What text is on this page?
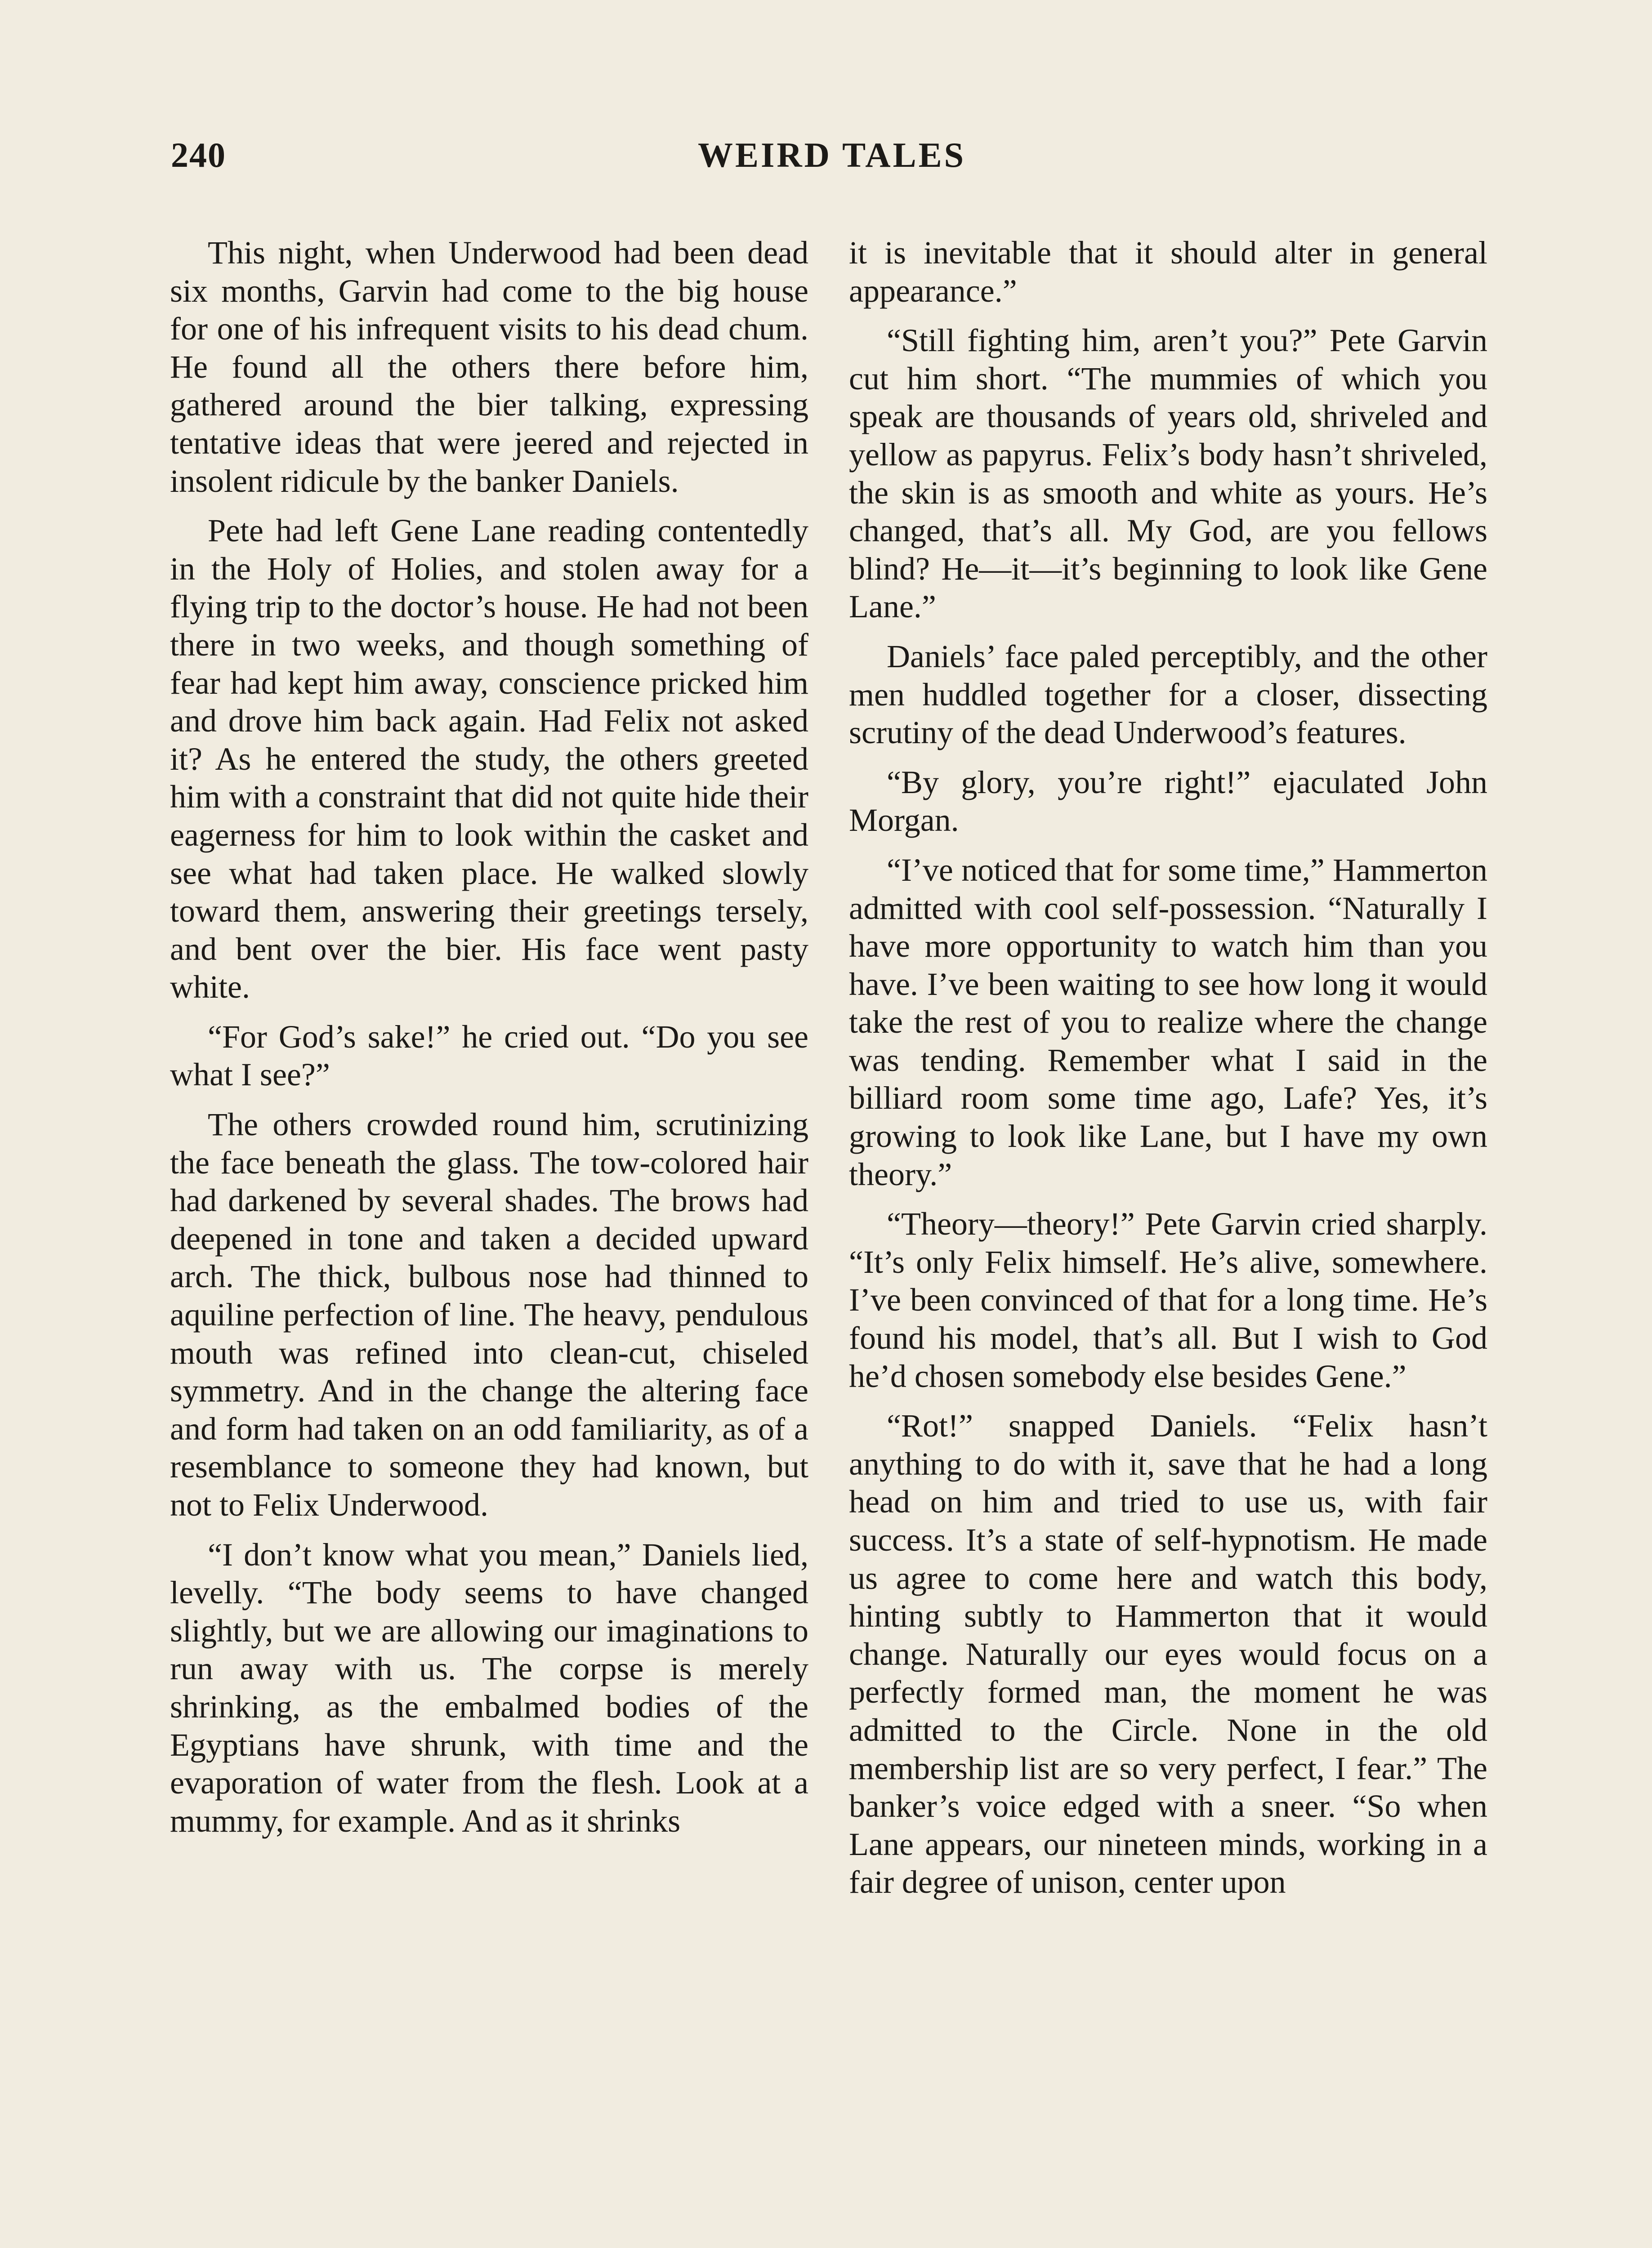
240	WEIRD TALES

This night, when Underwood had been dead six months, Garvin had come to the big house for one of his infrequent visits to his dead chum. He found all the others there before him, gathered around the bier talking, expressing tentative ideas that were jeered and rejected in insolent ridicule by the banker Daniels.

Pete had left Gene Lane reading contentedly in the Holy of Holies, and stolen away for a flying trip to the doctor’s house. He had not been there in two weeks, and though something of fear had kept him away, conscience pricked him and drove him back again. Had Felix not asked it? As he entered the study, the others greeted him with a constraint that did not quite hide their eagerness for him to look within the casket and see what had taken place. He walked slowly toward them, answering their greetings tersely, and bent over the bier. His face went pasty white.

“For God’s sake!” he cried out. “Do you see what I see?”

The others crowded round him, scrutinizing the face beneath the glass. The tow-colored hair had darkened by several shades. The brows had deepened in tone and taken a decided upward arch. The thick, bulbous nose had thinned to aquiline perfection of line. The heavy, pendulous mouth was refined into clean-cut, chiseled symmetry. And in the change the altering face and form had taken on an odd familiarity, as of a resemblance to someone they had known, but not to Felix Underwood.

“I don’t know what you mean,” Daniels lied, levelly. “The body seems to have changed slightly, but we are allowing our imaginations to run away with us. The corpse is merely shrinking, as the embalmed bodies of the Egyptians have shrunk, with time and the evaporation of water from the flesh. Look at a mummy, for example. And as it shrinks

it is inevitable that it should alter in general appearance.”

“Still fighting him, aren’t you?” Pete Garvin cut him short. “The mummies of which you speak are thousands of years old, shriveled and yellow as papyrus. Felix’s body hasn’t shriveled, the skin is as smooth and white as yours. He’s changed, that’s all. My God, are you fellows blind? He—it—it’s beginning to look like Gene Lane.”

Daniels’ face paled perceptibly, and the other men huddled together for a closer, dissecting scrutiny of the dead Underwood’s features.

“By glory, you’re right!” ejaculated John Morgan.

“I’ve noticed that for some time,” Hammerton admitted with cool self-possession. “Naturally I have more opportunity to watch him than you have. I’ve been waiting to see how long it would take the rest of you to realize where the change was tending. Remember what I said in the billiard room some time ago, Lafe? Yes, it’s growing to look like Lane, but I have my own theory.”

“Theory—theory!” Pete Garvin cried sharply. “It’s only Felix himself. He’s alive, somewhere. I’ve been convinced of that for a long time. He’s found his model, that’s all. But I wish to God he’d chosen somebody else besides Gene.”

“Rot!” snapped Daniels. “Felix hasn’t anything to do with it, save that he had a long head on him and tried to use us, with fair success. It’s a state of self-hypnotism. He made us agree to come here and watch this body, hinting subtly to Hammerton that it would change. Naturally our eyes would focus on a perfectly formed man, the moment he was admitted to the Circle. None in the old membership list are so very perfect, I fear.” The banker’s voice edged with a sneer. “So when Lane appears, our nineteen minds, working in a fair degree of unison, center upon
